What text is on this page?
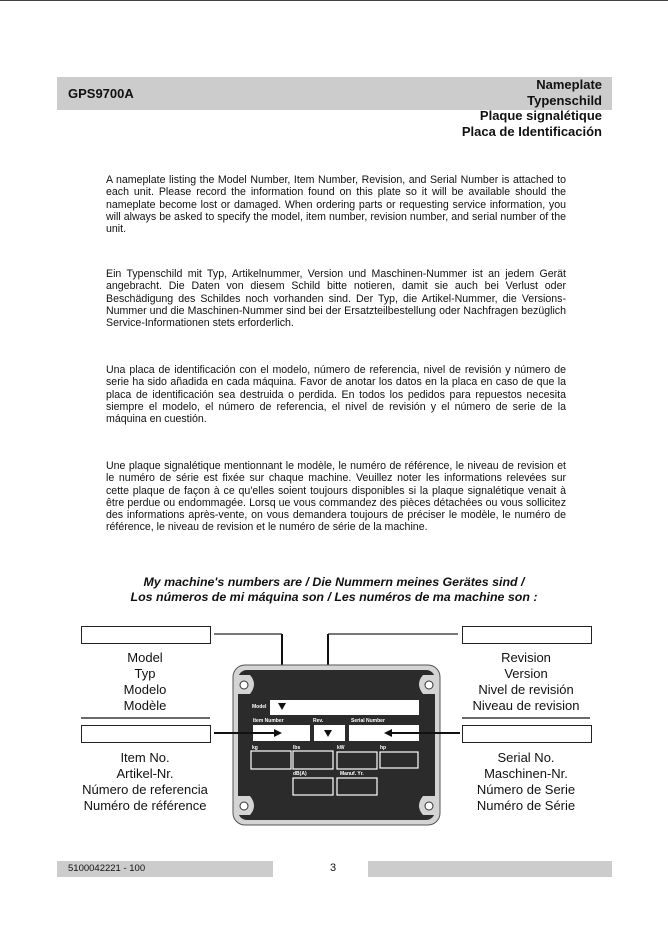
GPS9700A
Nameplate
Typenschild
Plaque signalétique
Placa de Identificación

A nameplate listing the Model Number, Item Number, Revision, and Serial Number is attached to each unit. Please record the information found on this plate so it will be available should the nameplate become lost or damaged. When ordering parts or requesting service information, you will always be asked to specify the model, item number, revision number, and serial number of the unit.

Ein Typenschild mit Typ, Artikelnummer, Version und Maschinen-Nummer ist an jedem Gerät angebracht. Die Daten von diesem Schild bitte notieren, damit sie auch bei Verlust oder Beschädigung des Schildes noch vorhanden sind. Der Typ, die Artikel-Nummer, die Versions- Nummer und die Maschinen-Nummer sind bei der Ersatzteilbestellung oder Nachfragen bezüglich Service-Informationen stets erforderlich.

Una placa de identificación con el modelo, número de referencia, nivel de revisión y número de serie ha sido añadida en cada máquina. Favor de anotar los datos en la placa en caso de que la placa de identificación sea destruida o perdida. En todos los pedidos para repuestos necesita siempre el modelo, el número de referencia, el nivel de revisión y el número de serie de la máquina en cuestión.

Une plaque signalétique mentionnant le modèle, le numéro de référence, le niveau de revision et le numéro de série est fixée sur chaque machine. Veuillez noter les informations relevées sur cette plaque de façon à ce qu'elles soient toujours disponibles si la plaque signalétique venait à être perdue ou endommagée. Lorsq ue vous commandez des pièces détachées ou vous sollicitez des informations après-vente, on vous demandera toujours de préciser le modèle, le numéro de référence, le niveau de revision et le numéro de série de la machine.

My machine's numbers are / Die Nummern meines Gerätes sind /
Los números de mi máquina son / Les numéros de ma machine son :
Model
Typ
Modelo
Modèle
Revision
Version
Nivel de revisión
Niveau de revision
Item No.
Artikel-Nr.
Número de referencia
Numéro de référence
Serial No.
Maschinen-Nr.
Número de Serie
Numéro de Série
Model
Item Number	Rev.	Serial Number
kg	lbs	kW	hp
dB(A)	Manuf. Yr.
5100042221 - 100	3
